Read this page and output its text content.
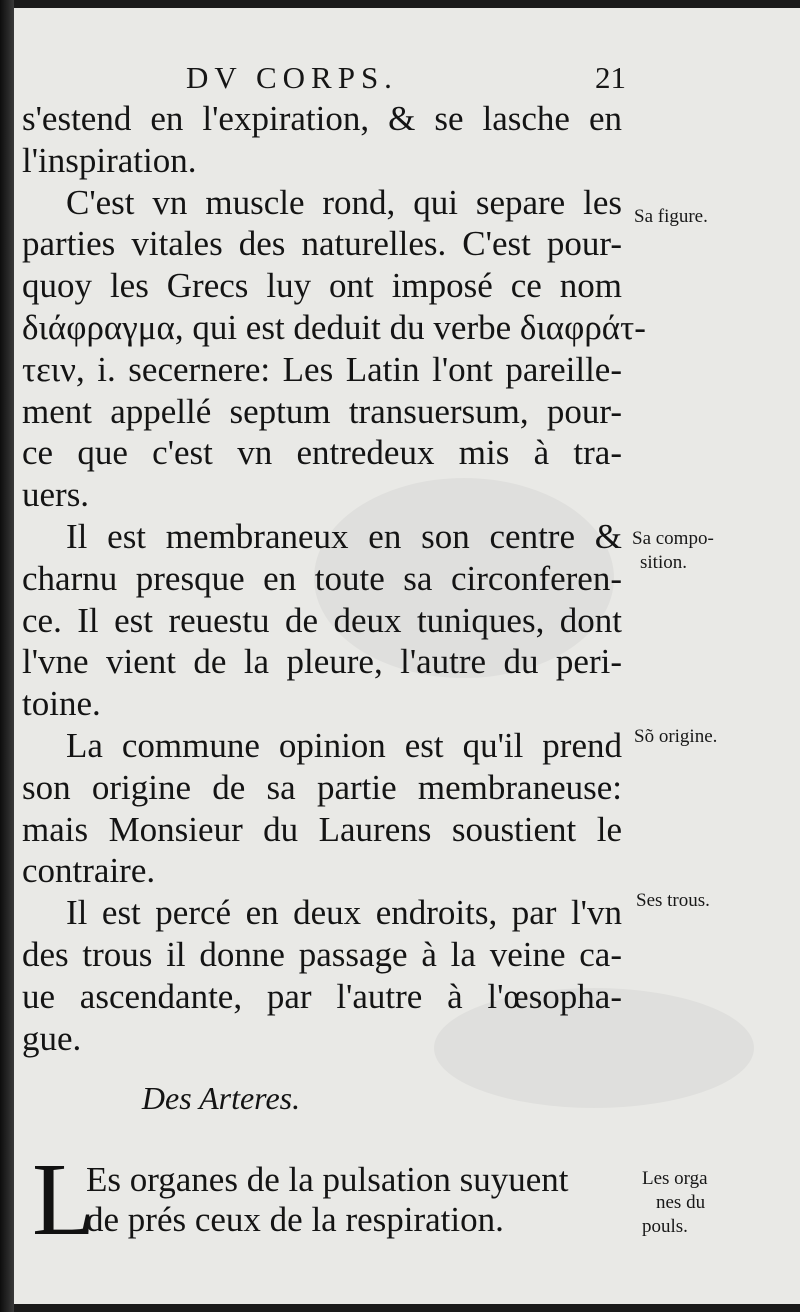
DV CORPS.	21
s'estend en l'expiration, & se lasche en
l'inspiration.
C'est vn muscle rond, qui separe les
parties vitales des naturelles. C'est pour-
quoy les Grecs luy ont imposé ce nom
διάφραγμα, qui est deduit du verbe διαφράτ-
τειν, i. secernere: Les Latin l'ont pareille-
ment appellé septum transuersum, pour-
ce que c'est vn entredeux mis à tra-
uers.
Il est membraneux en son centre &
charnu presque en toute sa circonferen-
ce. Il est reuestu de deux tuniques, dont
l'vne vient de la pleure, l'autre du peri-
toine.
La commune opinion est qu'il prend
son origine de sa partie membraneuse:
mais Monsieur du Laurens soustient le
contraire.
Il est percé en deux endroits, par l'vn
des trous il donne passage à la veine ca-
ue ascendante, par l'autre à l'œsopha-
gue.
Des Arteres.
L
Es organes de la pulsation suyuent
de prés ceux de la respiration.
Sa figure.
Sa compo-
sition.
Sõ origine.
Ses trous.
Les orga
nes du
pouls.
